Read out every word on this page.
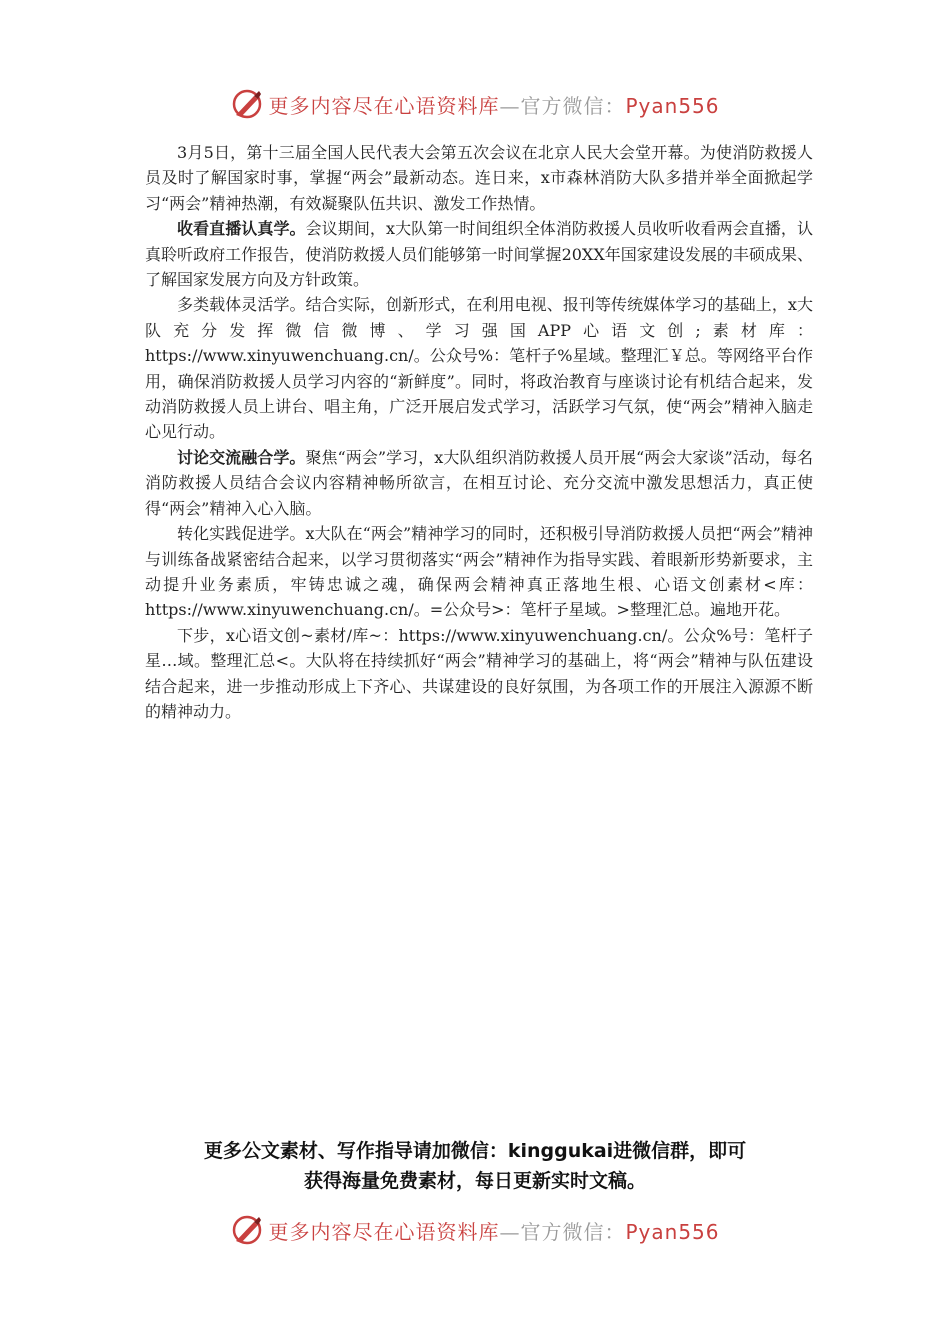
更多内容尽在心语资料库—官方微信：Pyan556

3月5日，第十三届全国人民代表大会第五次会议在北京人民大会堂开幕。为使消防救援人员及时了解国家时事，掌握“两会”最新动态。连日来，x市森林消防大队多措并举全面掀起学习“两会”精神热潮，有效凝聚队伍共识、激发工作热情。

收看直播认真学。会议期间，x大队第一时间组织全体消防救援人员收听收看两会直播，认真聆听政府工作报告，使消防救援人员们能够第一时间掌握20XX年国家建设发展的丰硕成果、了解国家发展方向及方针政策。

多类载体灵活学。结合实际，创新形式，在利用电视、报刊等传统媒体学习的基础上，x大队充分发挥微信微博、学习强国APP心语文创;素材库：https://www.xinyuwenchuang.cn/。公众号%：笔杆子%星域。整理汇￥总。等网络平台作用，确保消防救援人员学习内容的“新鲜度”。同时，将政治教育与座谈讨论有机结合起来，发动消防救援人员上讲台、唱主角，广泛开展启发式学习，活跃学习气氛，使“两会”精神入脑走心见行动。

讨论交流融合学。聚焦“两会”学习，x大队组织消防救援人员开展“两会大家谈”活动，每名消防救援人员结合会议内容精神畅所欲言，在相互讨论、充分交流中激发思想活力，真正使得“两会”精神入心入脑。

转化实践促进学。x大队在“两会”精神学习的同时，还积极引导消防救援人员把“两会”精神与训练备战紧密结合起来，以学习贯彻落实“两会”精神作为指导实践、着眼新形势新要求，主动提升业务素质，牢铸忠诚之魂，确保两会精神真正落地生根、心语文创素材<库：https://www.xinyuwenchuang.cn/。=公众号>：笔杆子星域。>整理汇总。遍地开花。

下步，x心语文创~素材/库~：https://www.xinyuwenchuang.cn/。公众%号：笔杆子星…域。整理汇总<。大队将在持续抓好“两会”精神学习的基础上，将“两会”精神与队伍建设结合起来，进一步推动形成上下齐心、共谋建设的良好氛围，为各项工作的开展注入源源不断的精神动力。

更多公文素材、写作指导请加微信：kinggukai进微信群，即可
获得海量免费素材，每日更新实时文稿。
更多内容尽在心语资料库—官方微信：Pyan556
